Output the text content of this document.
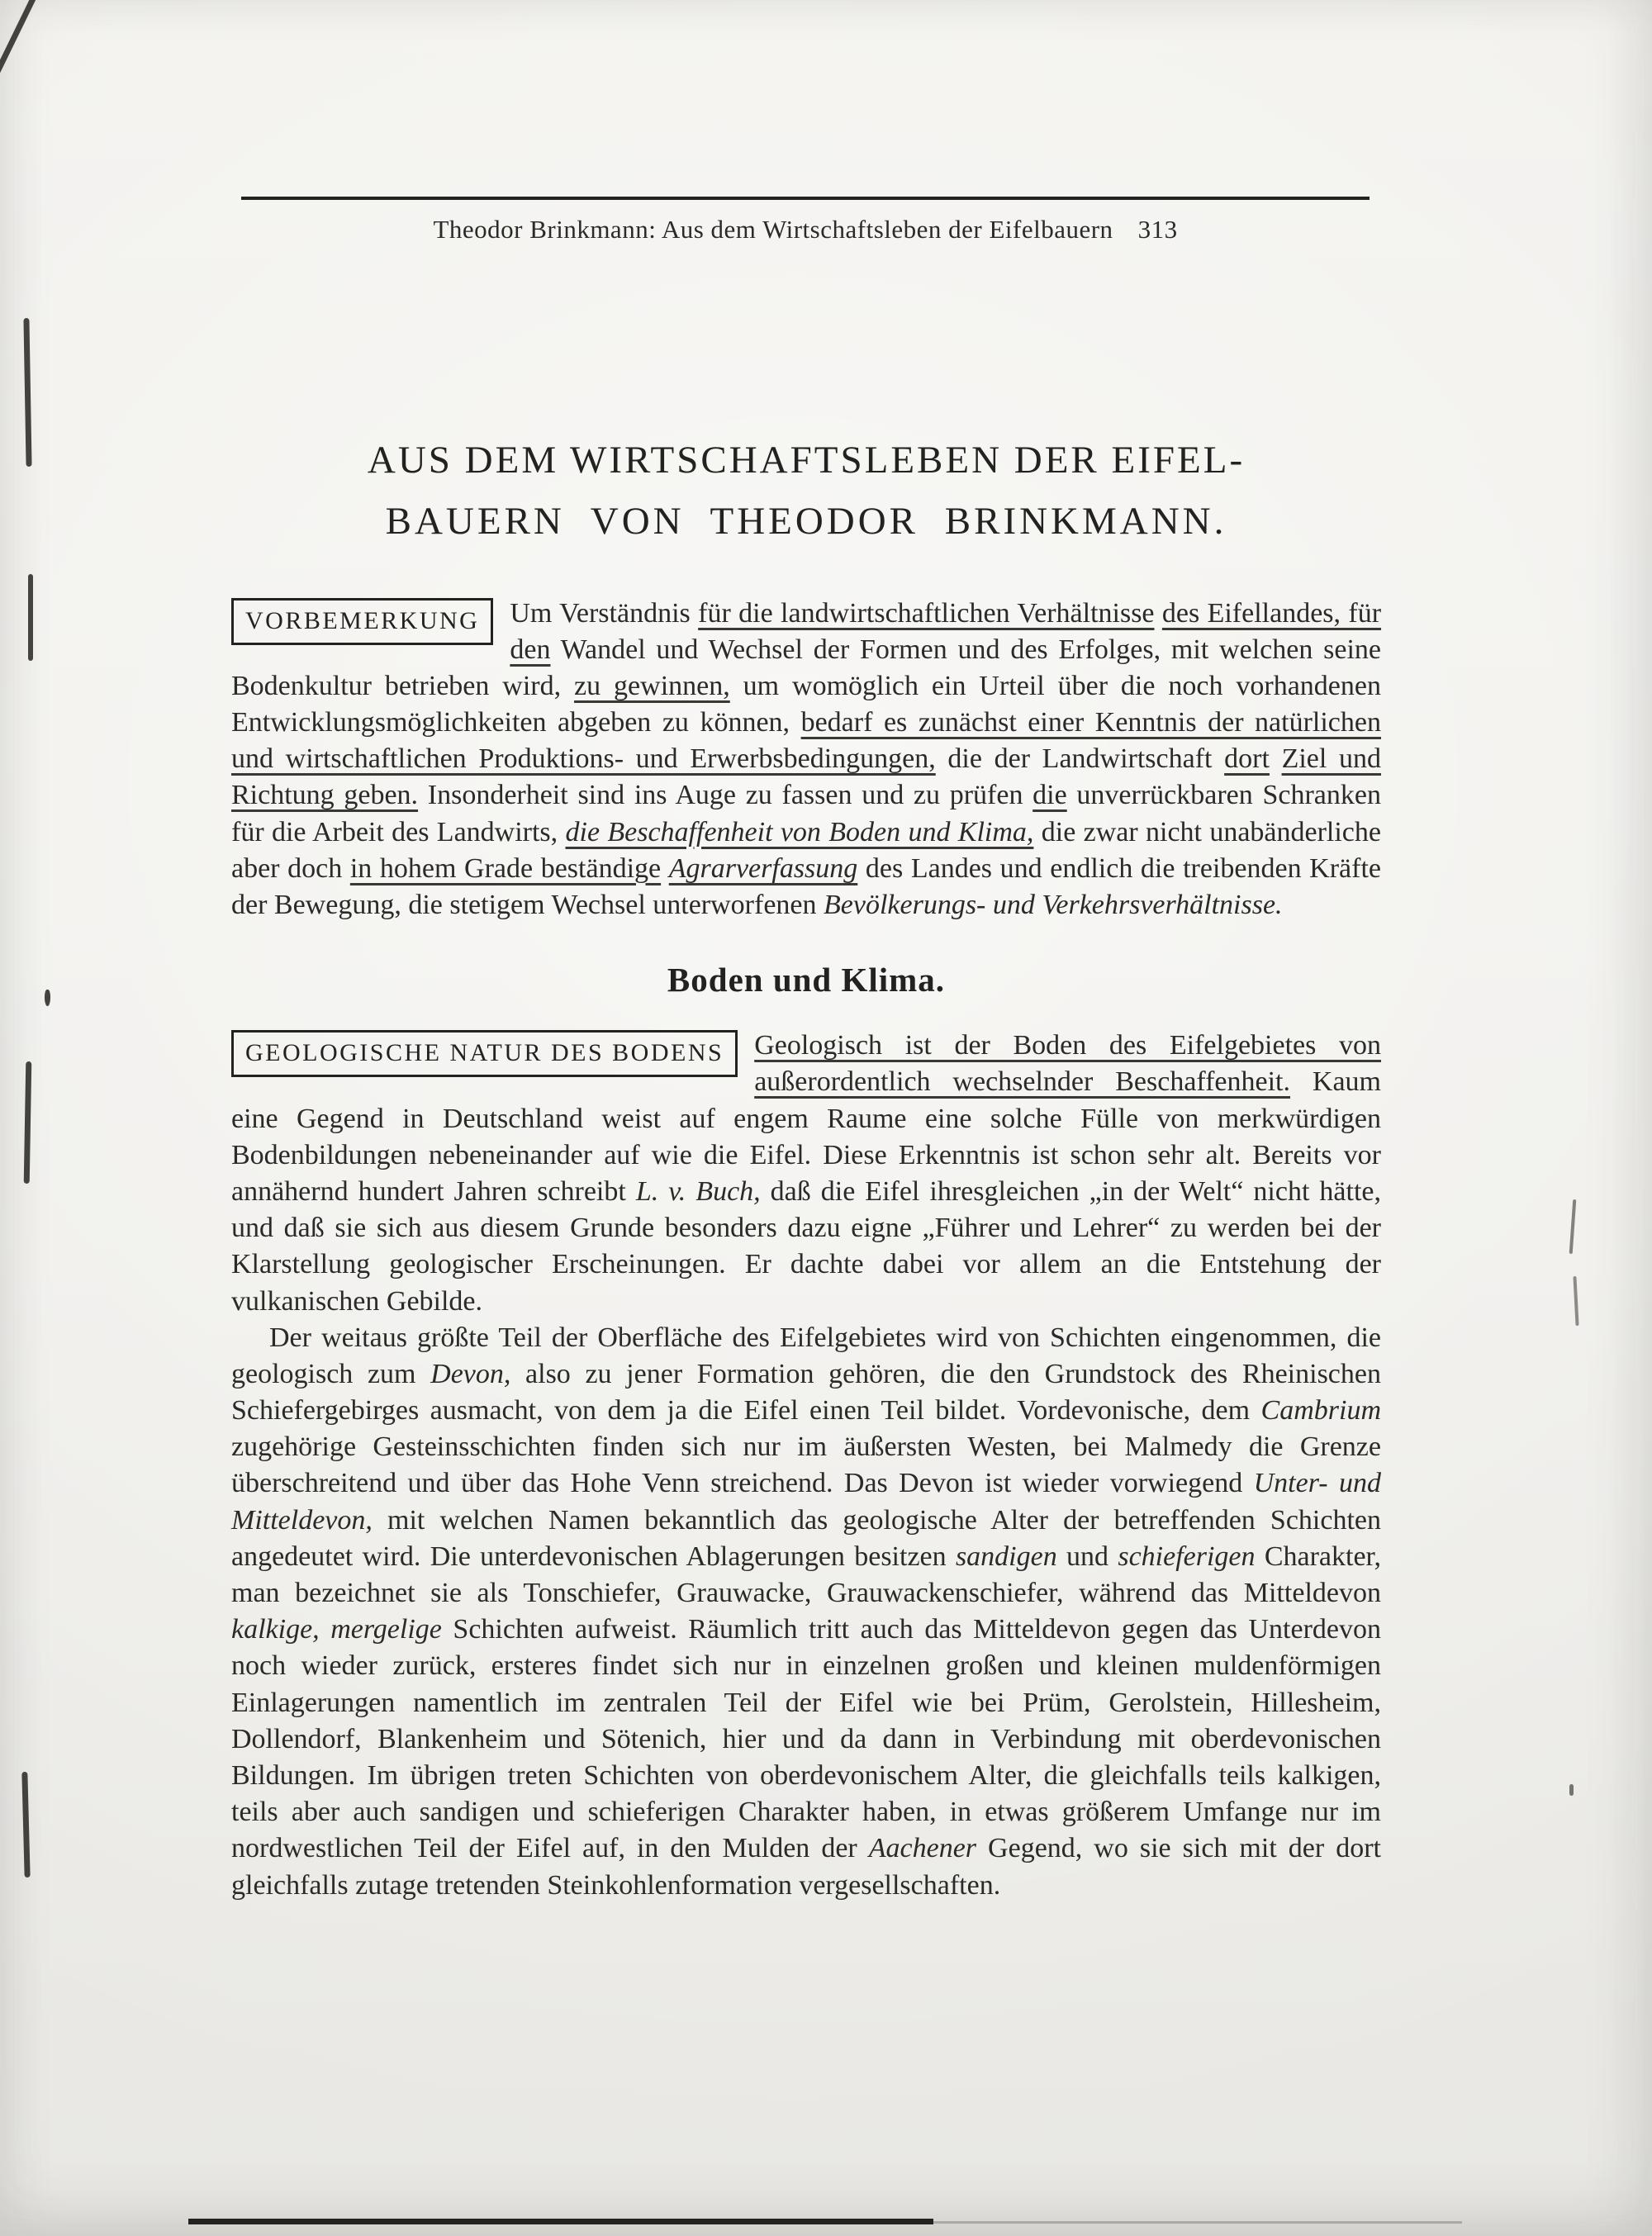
Theodor Brinkmann: Aus dem Wirtschaftsleben der Eifelbauern 313
AUS DEM WIRTSCHAFTSLEBEN DER EIFEL-
BAUERN VON THEODOR BRINKMANN.

VORBEMERKUNG	Um Verständnis für die landwirtschaftlichen Verhältnisse des Eifellandes, für den Wandel und Wechsel der Formen und des Erfolges, mit welchen seine Bodenkultur betrieben wird, zu gewinnen, um womöglich ein Urteil über die noch vorhandenen Entwicklungsmöglichkeiten abgeben zu können, bedarf es zunächst einer Kenntnis der natürlichen und wirtschaftlichen Produktions- und Erwerbsbedingungen, die der Landwirtschaft dort Ziel und Richtung geben. Insonderheit sind ins Auge zu fassen und zu prüfen die unverrückbaren Schranken für die Arbeit des Landwirts, die Beschaffenheit von Boden und Klima, die zwar nicht unabänderliche aber doch in hohem Grade beständige Agrarverfassung des Landes und endlich die treibenden Kräfte der Bewegung, die stetigem Wechsel unterworfenen Bevölkerungs- und Verkehrsverhältnisse.

Boden und Klima.

GEOLOGISCHE NATUR DES BODENS	Geologisch ist der Boden des Eifelgebietes von außerordentlich wechselnder Beschaffenheit. Kaum eine Gegend in Deutschland weist auf engem Raume eine solche Fülle von merkwürdigen Bodenbildungen nebeneinander auf wie die Eifel. Diese Erkenntnis ist schon sehr alt. Bereits vor annähernd hundert Jahren schreibt L. v. Buch, daß die Eifel ihresgleichen „in der Welt“ nicht hätte, und daß sie sich aus diesem Grunde besonders dazu eigne „Führer und Lehrer“ zu werden bei der Klarstellung geologischer Erscheinungen. Er dachte dabei vor allem an die Entstehung der vulkanischen Gebilde.

Der weitaus größte Teil der Oberfläche des Eifelgebietes wird von Schichten eingenommen, die geologisch zum Devon, also zu jener Formation gehören, die den Grundstock des Rheinischen Schiefergebirges ausmacht, von dem ja die Eifel einen Teil bildet. Vordevonische, dem Cambrium zugehörige Gesteinsschichten finden sich nur im äußersten Westen, bei Malmedy die Grenze überschreitend und über das Hohe Venn streichend. Das Devon ist wieder vorwiegend Unter- und Mitteldevon, mit welchen Namen bekanntlich das geologische Alter der betreffenden Schichten angedeutet wird. Die unterdevonischen Ablagerungen besitzen sandigen und schieferigen Charakter, man bezeichnet sie als Tonschiefer, Grauwacke, Grauwackenschiefer, während das Mitteldevon kalkige, mergelige Schichten aufweist. Räumlich tritt auch das Mitteldevon gegen das Unterdevon noch wieder zurück, ersteres findet sich nur in einzelnen großen und kleinen muldenförmigen Einlagerungen namentlich im zentralen Teil der Eifel wie bei Prüm, Gerolstein, Hillesheim, Dollendorf, Blankenheim und Sötenich, hier und da dann in Verbindung mit oberdevonischen Bildungen. Im übrigen treten Schichten von oberdevonischem Alter, die gleichfalls teils kalkigen, teils aber auch sandigen und schieferigen Charakter haben, in etwas größerem Umfange nur im nordwestlichen Teil der Eifel auf, in den Mulden der Aachener Gegend, wo sie sich mit der dort gleichfalls zutage tretenden Steinkohlenformation vergesellschaften.
